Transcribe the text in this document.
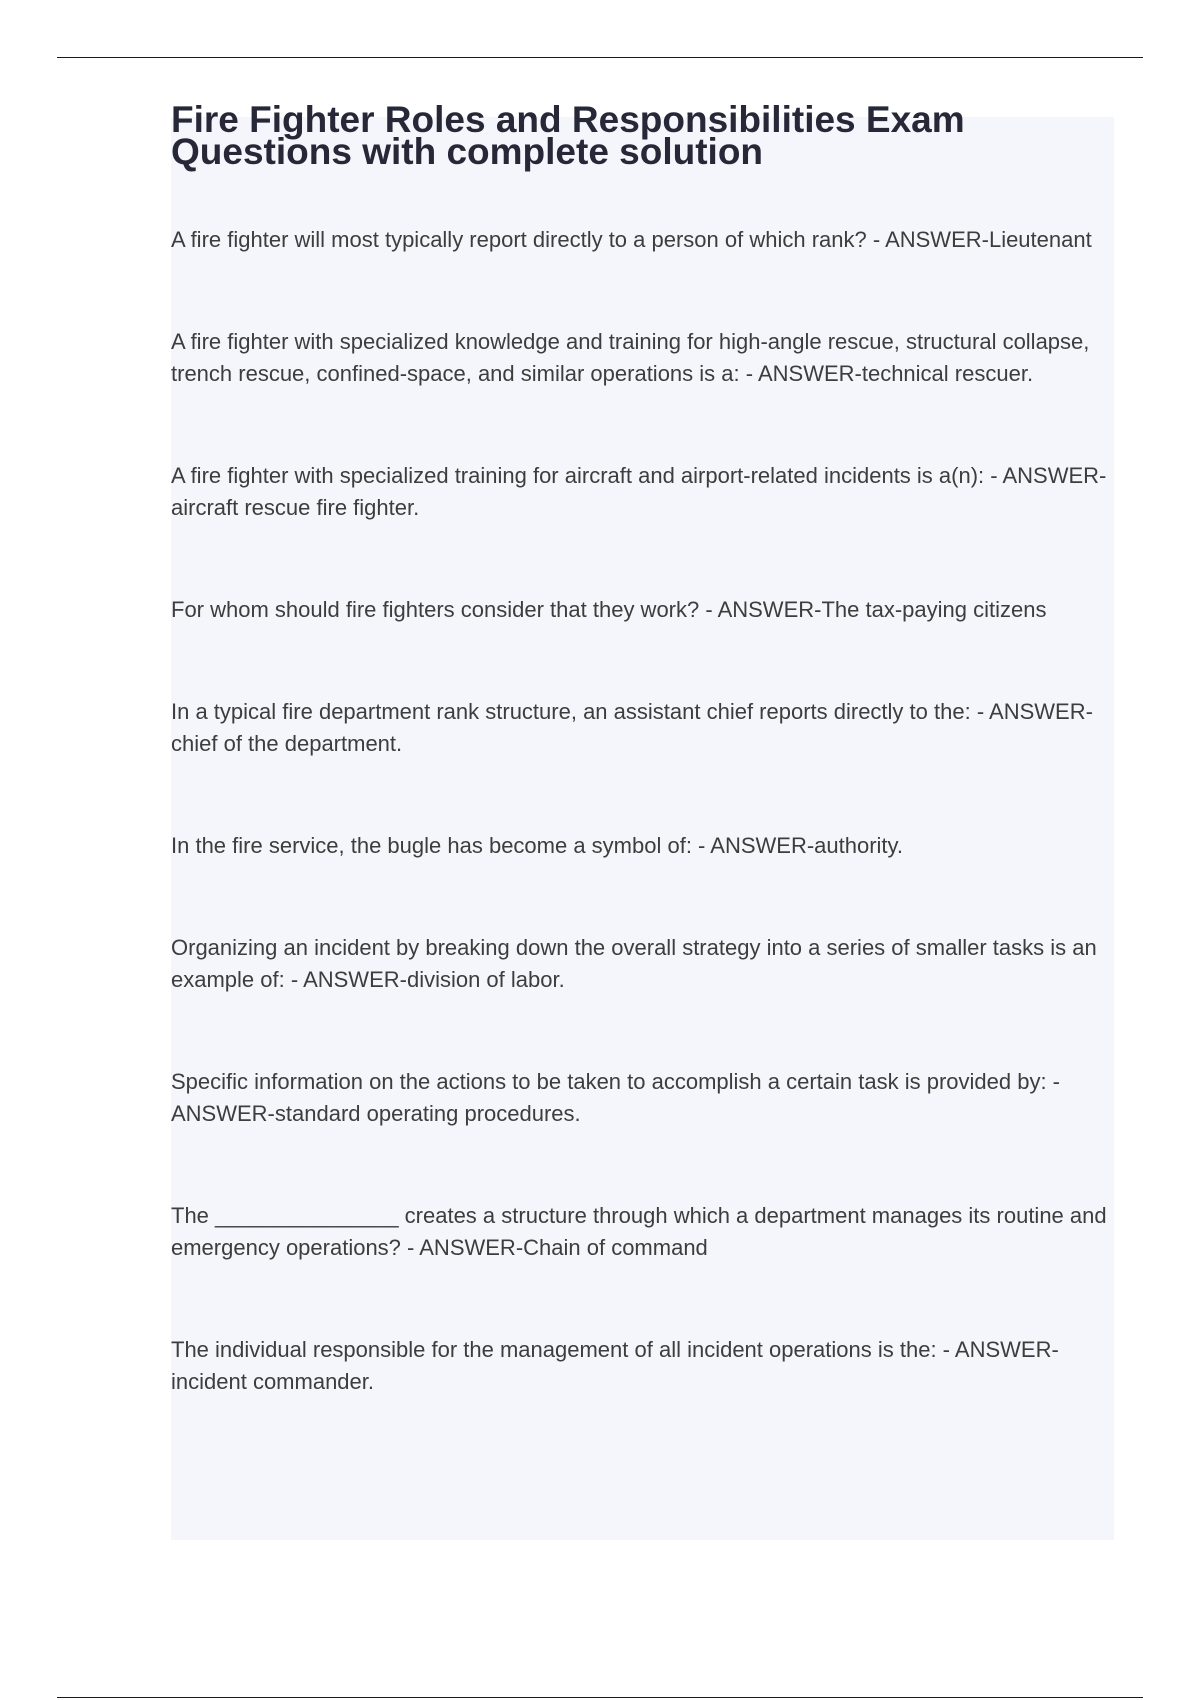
Fire Fighter Roles and Responsibilities Exam Questions with complete solution
A fire fighter will most typically report directly to a person of which rank? - ANSWER-Lieutenant
A fire fighter with specialized knowledge and training for high-angle rescue, structural collapse, trench rescue, confined-space, and similar operations is a: - ANSWER-technical rescuer.
A fire fighter with specialized training for aircraft and airport-related incidents is a(n): - ANSWER-aircraft rescue fire fighter.
For whom should fire fighters consider that they work? - ANSWER-The tax-paying citizens
In a typical fire department rank structure, an assistant chief reports directly to the: - ANSWER-chief of the department.
In the fire service, the bugle has become a symbol of: - ANSWER-authority.
Organizing an incident by breaking down the overall strategy into a series of smaller tasks is an example of: - ANSWER-division of labor.
Specific information on the actions to be taken to accomplish a certain task is provided by: - ANSWER-standard operating procedures.
The _______________ creates a structure through which a department manages its routine and emergency operations? - ANSWER-Chain of command
The individual responsible for the management of all incident operations is the: - ANSWER-incident commander.
